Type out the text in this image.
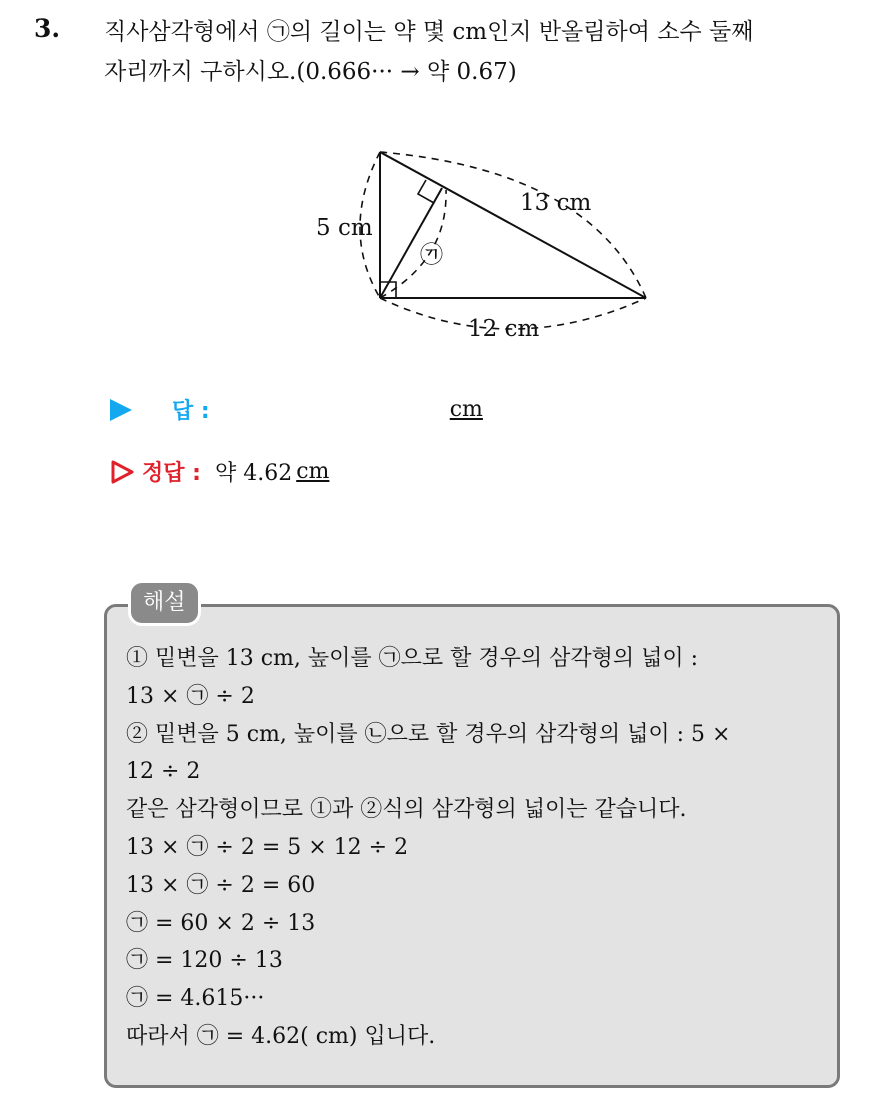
3. 직사삼각형에서 ㉠의 길이는 약 몇 cm인지 반올림하여 소수 둘째
자리까지 구하시오.(0.666··· → 약 0.67)
5 cm
13 cm
12 cm
㉠
답 :	cm
정답 : 약 4.62 cm
해설
① 밑변을 13 cm, 높이를 ㉠으로 할 경우의 삼각형의 넓이 :
13 × ㉠ ÷ 2
② 밑변을 5 cm, 높이를 ㉡으로 할 경우의 삼각형의 넓이 : 5 ×
12 ÷ 2
같은 삼각형이므로 ①과 ②식의 삼각형의 넓이는 같습니다.
13 × ㉠ ÷ 2 = 5 × 12 ÷ 2
13 × ㉠ ÷ 2 = 60
㉠ = 60 × 2 ÷ 13
㉠ = 120 ÷ 13
㉠ = 4.615···
따라서 ㉠ = 4.62( cm) 입니다.
